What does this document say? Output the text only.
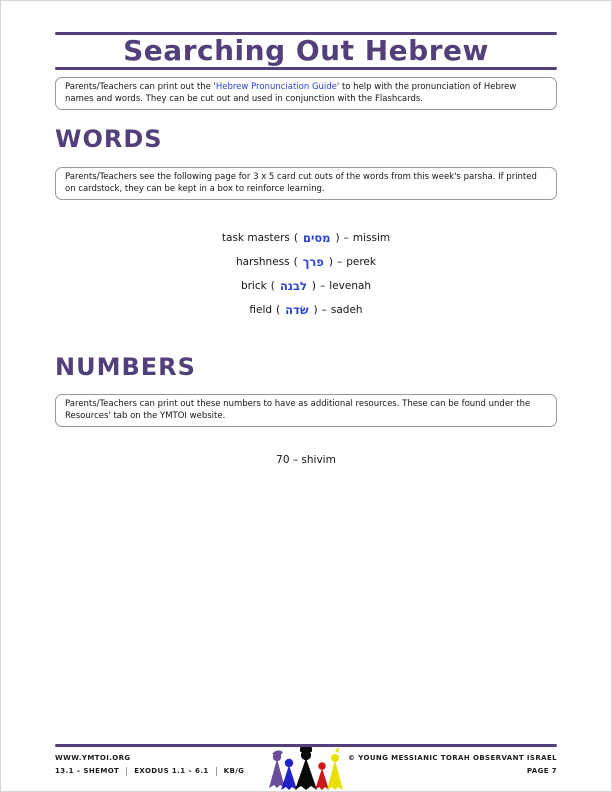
Searching Out Hebrew
Parents/Teachers can print out the 'Hebrew Pronunciation Guide' to help with the pronunciation of Hebrew names and words. They can be cut out and used in conjunction with the Flashcards.
WORDS
Parents/Teachers see the following page for 3 x 5 card cut outs of the words from this week's parsha. If printed on cardstock, they can be kept in a box to reinforce learning.
task masters ( מסים ) – missim
harshness ( פרך ) – perek
brick ( לבנה ) – levenah
field ( שׂדה ) – sadeh
NUMBERS
Parents/Teachers can print out these numbers to have as additional resources. These can be found under the Resources' tab on the YMTOI website.
70 – shivim
WWW.YMTOI.ORG
13.1 – SHEMOT EXODUS 1.1 – 6.1 KB/G
© YOUNG MESSIANIC TORAH OBSERVANT ISRAEL
PAGE 7
